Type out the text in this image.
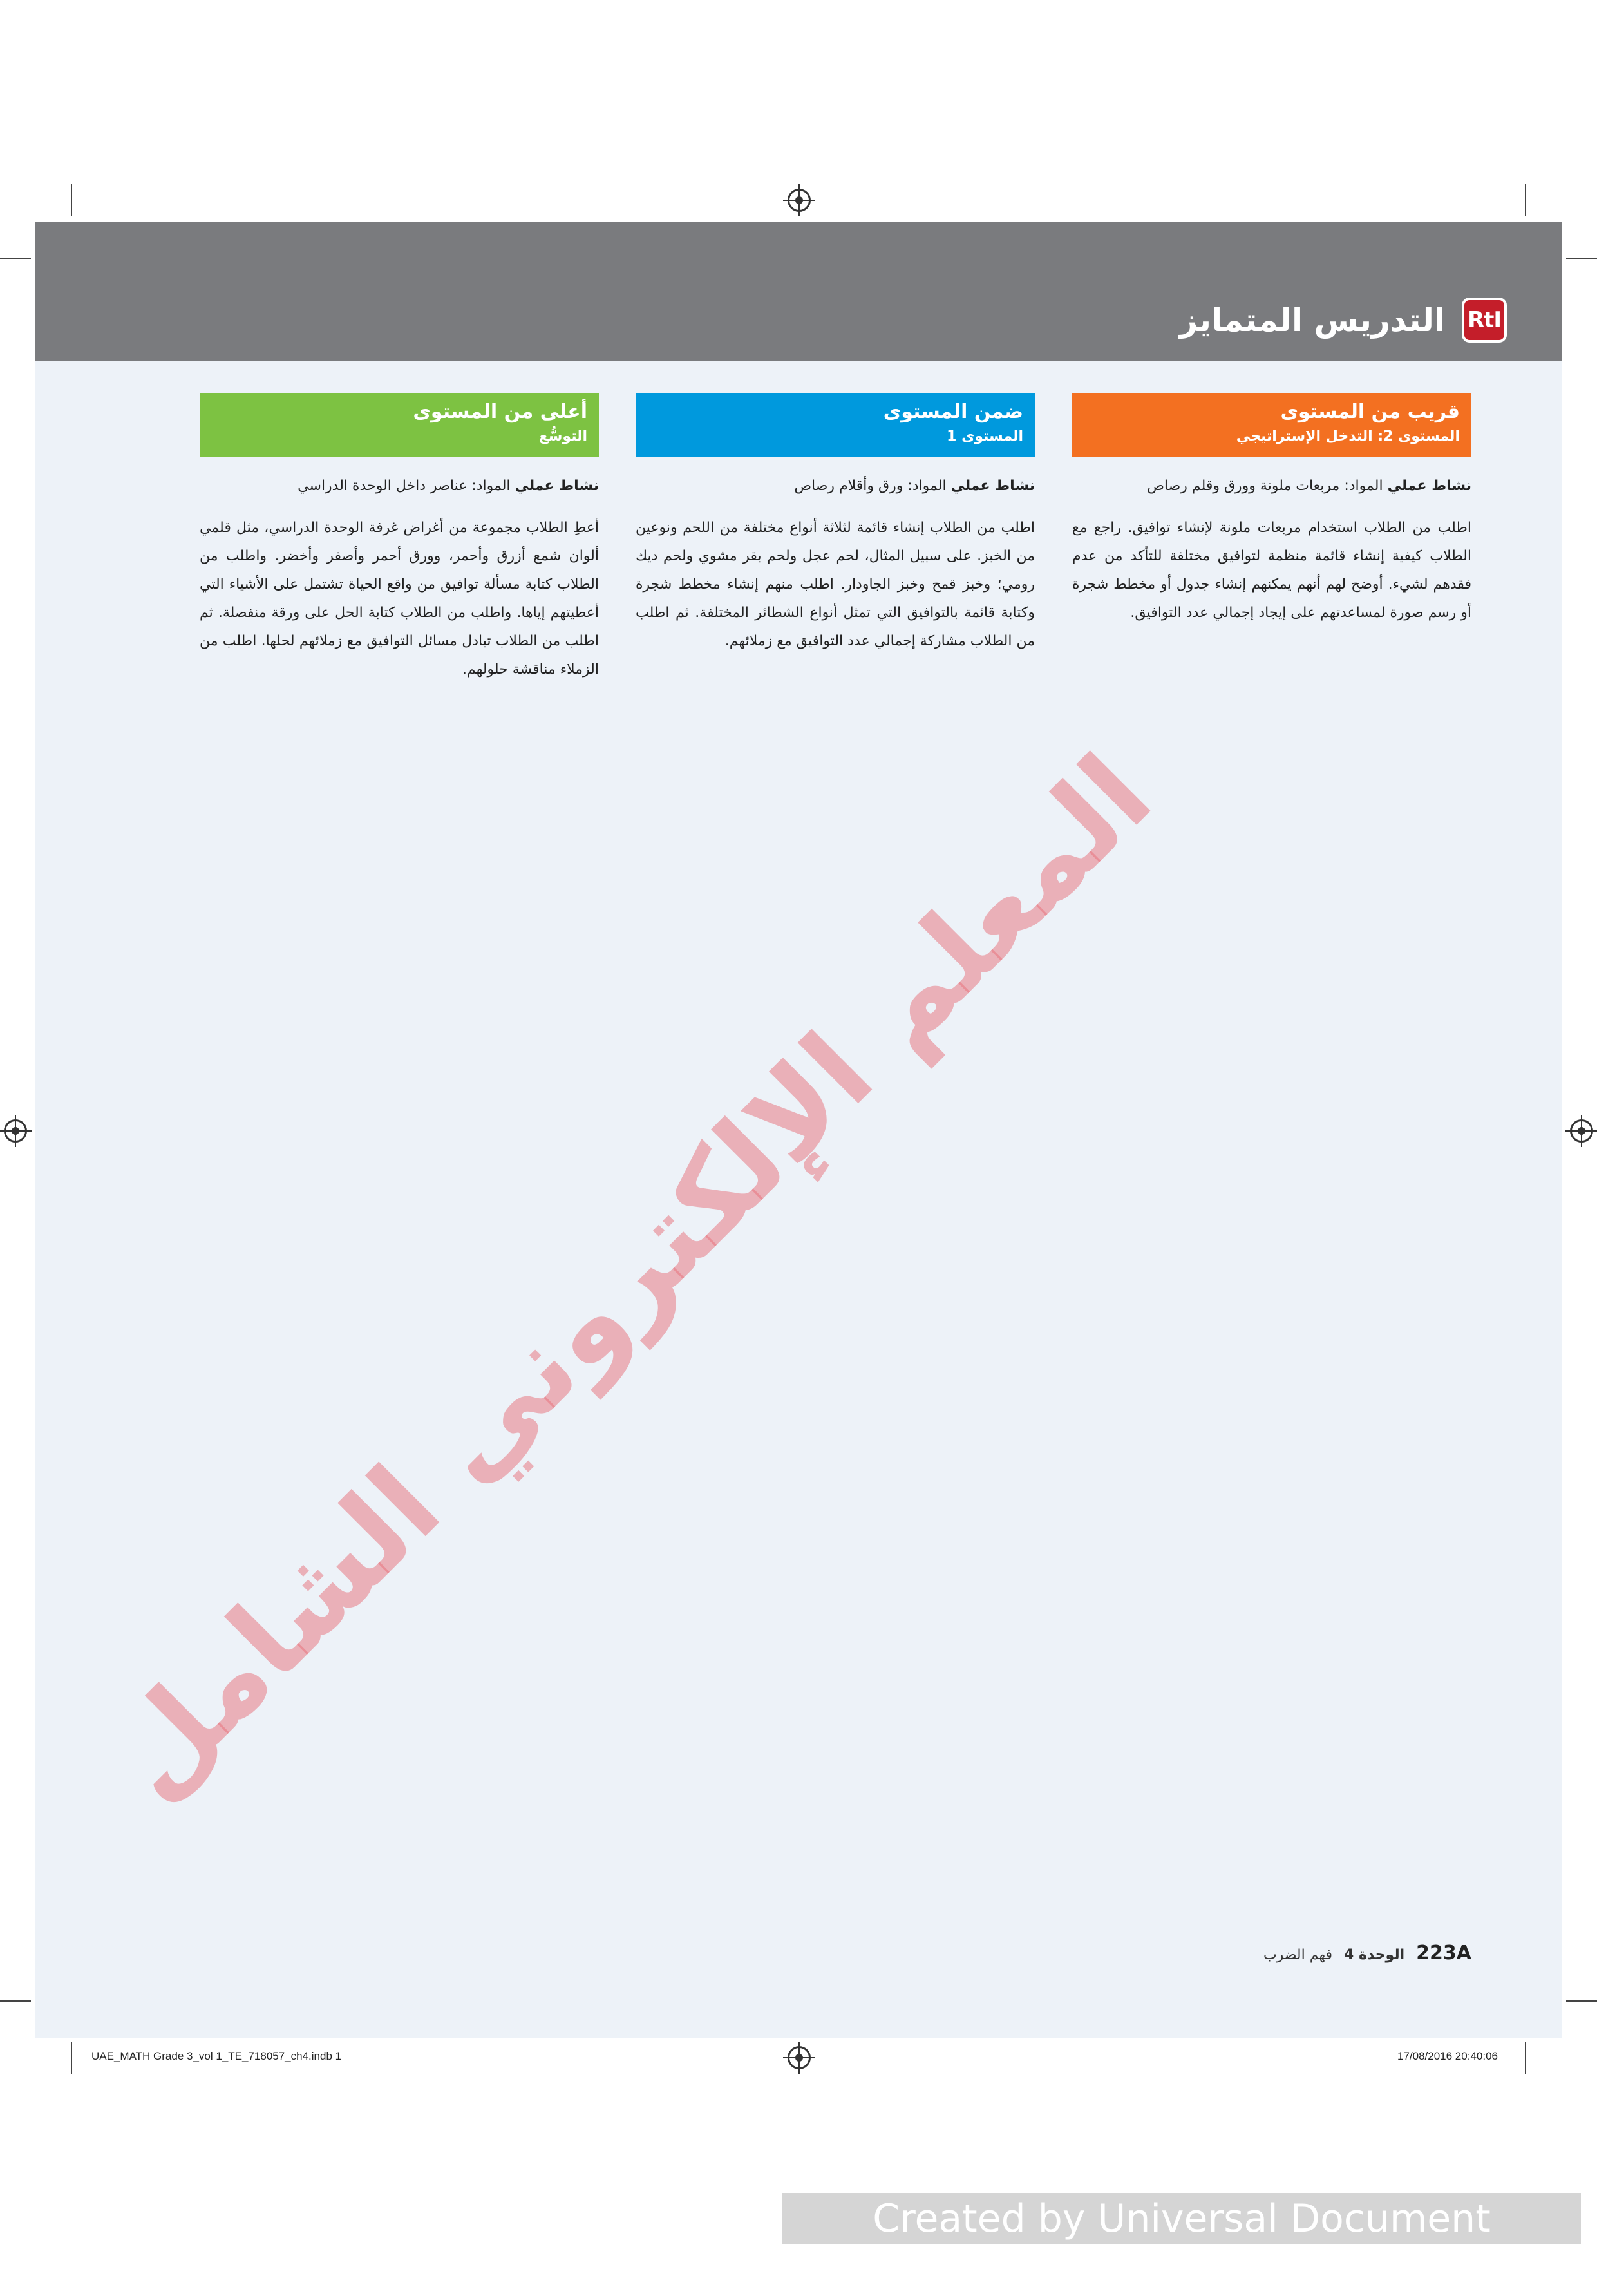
RtI
التدريس المتمايز
قريب من المستوى
المستوى 2: التدخل الإستراتيجي
نشاط عملي المواد: مربعات ملونة وورق وقلم رصاص
اطلب من الطلاب استخدام مربعات ملونة لإنشاء توافيق. راجع مع الطلاب كيفية إنشاء قائمة منظمة لتوافيق مختلفة للتأكد من عدم فقدهم لشيء. أوضح لهم أنهم يمكنهم إنشاء جدول أو مخطط شجرة أو رسم صورة لمساعدتهم على إيجاد إجمالي عدد التوافيق.
ضمن المستوى
المستوى 1
نشاط عملي المواد: ورق وأقلام رصاص
اطلب من الطلاب إنشاء قائمة لثلاثة أنواع مختلفة من اللحم ونوعين من الخبز. على سبيل المثال، لحم عجل ولحم بقر مشوي ولحم ديك رومي؛ وخبز قمح وخبز الجاودار. اطلب منهم إنشاء مخطط شجرة وكتابة قائمة بالتوافيق التي تمثل أنواع الشطائر المختلفة. ثم اطلب من الطلاب مشاركة إجمالي عدد التوافيق مع زملائهم.
أعلى من المستوى
التوسُّع
نشاط عملي المواد: عناصر داخل الوحدة الدراسي
أعطِ الطلاب مجموعة من أغراض غرفة الوحدة الدراسي، مثل قلمي ألوان شمع أزرق وأحمر، وورق أحمر وأصفر وأخضر. واطلب من الطلاب كتابة مسألة توافيق من واقع الحياة تشتمل على الأشياء التي أعطيتهم إياها. واطلب من الطلاب كتابة الحل على ورقة منفصلة. ثم اطلب من الطلاب تبادل مسائل التوافيق مع زملائهم لحلها. اطلب من الزملاء مناقشة حلولهم.
المعلم الإلكتروني الشامل
223A
الوحدة 4
فهم الضرب
UAE_MATH Grade 3_vol 1_TE_718057_ch4.indb 1	17/08/2016 20:40:06
Created by Universal Document Converter
